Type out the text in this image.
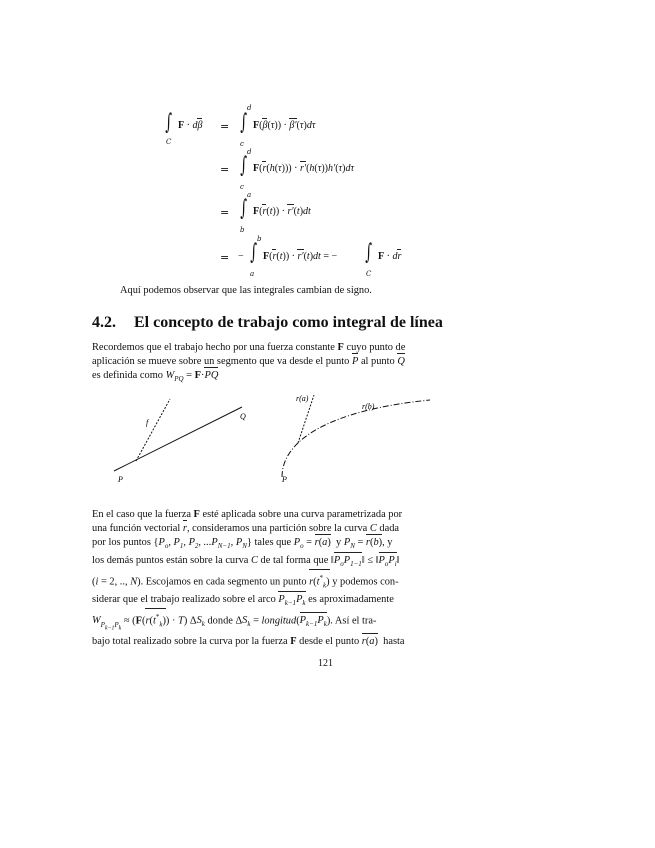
∫
C
F · dβ =
d
∫
c
F(β(τ)) · β′(τ)dτ
=
d
∫
c
F(r(h(τ))) · r′(h(τ))h′(τ)dτ
=
a
∫
b
F(r(t)) · r′(t)dt
= −
b
∫
a
F(r(t)) · r′(t)dt = − ∫
C
F · dr
Aquí podemos observar que las integrales cambian de signo.
4.2. El concepto de trabajo como integral de línea
Recordemos que el trabajo hecho por una fuerza constante F cuyo punto de
aplicación se mueve sobre un segmento que va desde el punto P al punto Q
es definida como $W_{PQ} = F\cdot PQ$
f
Q
P
r(a)
r(b)
P
En el caso que la fuerza F esté aplicada sobre una curva parametrizada por
una función vectorial r, consideramos una partición sobre la curva C dada
por los puntos {$P_o$, $P_1$, $P_2$, $...P_{N-1}$, $P_N$} tales que $P_o = r(a)$  y $P_N = r(b)$, y
los demás puntos están sobre la curva C de tal forma que $‖P_oP_{1-1}‖$ ≤ $‖P_oP_i‖$
(i = 2, .., N). Escojamos en cada segmento un punto $r(t^*_k)$ y podemos con-
siderar que el trabajo realizado sobre el arco $P_{k-1}P_k$ es aproximadamente
$W_{P_{k-1}P_k} \approx (F(r(t^*_k)) \cdot T)$ $\Delta S_k$ donde $\Delta S_k$ = $longitud(P_{k-1}P_k)$. Así el tra-
bajo total realizado sobre la curva por la fuerza F desde el punto r(a)  hasta
121
